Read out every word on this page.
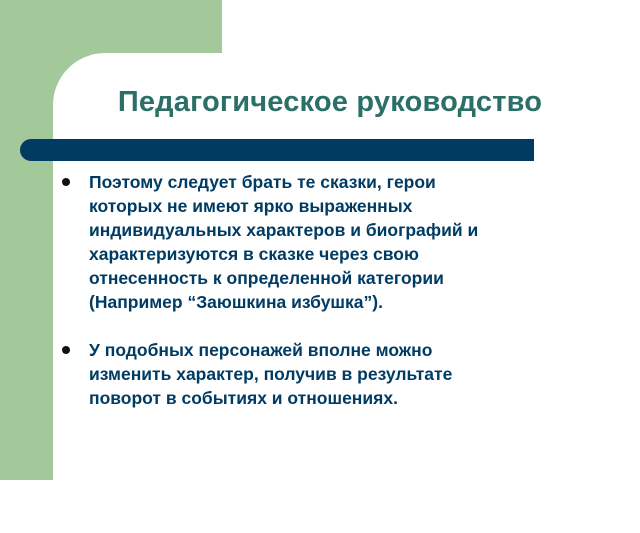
Педагогическое руководство
Поэтому следует брать те сказки, герои
которых не имеют ярко выраженных
индивидуальных характеров и биографий и
характеризуются в сказке через свою
отнесенность к определенной категории
(Например “Заюшкина избушка”).
У подобных персонажей вполне можно
изменить характер, получив в результате
поворот в событиях и отношениях.
